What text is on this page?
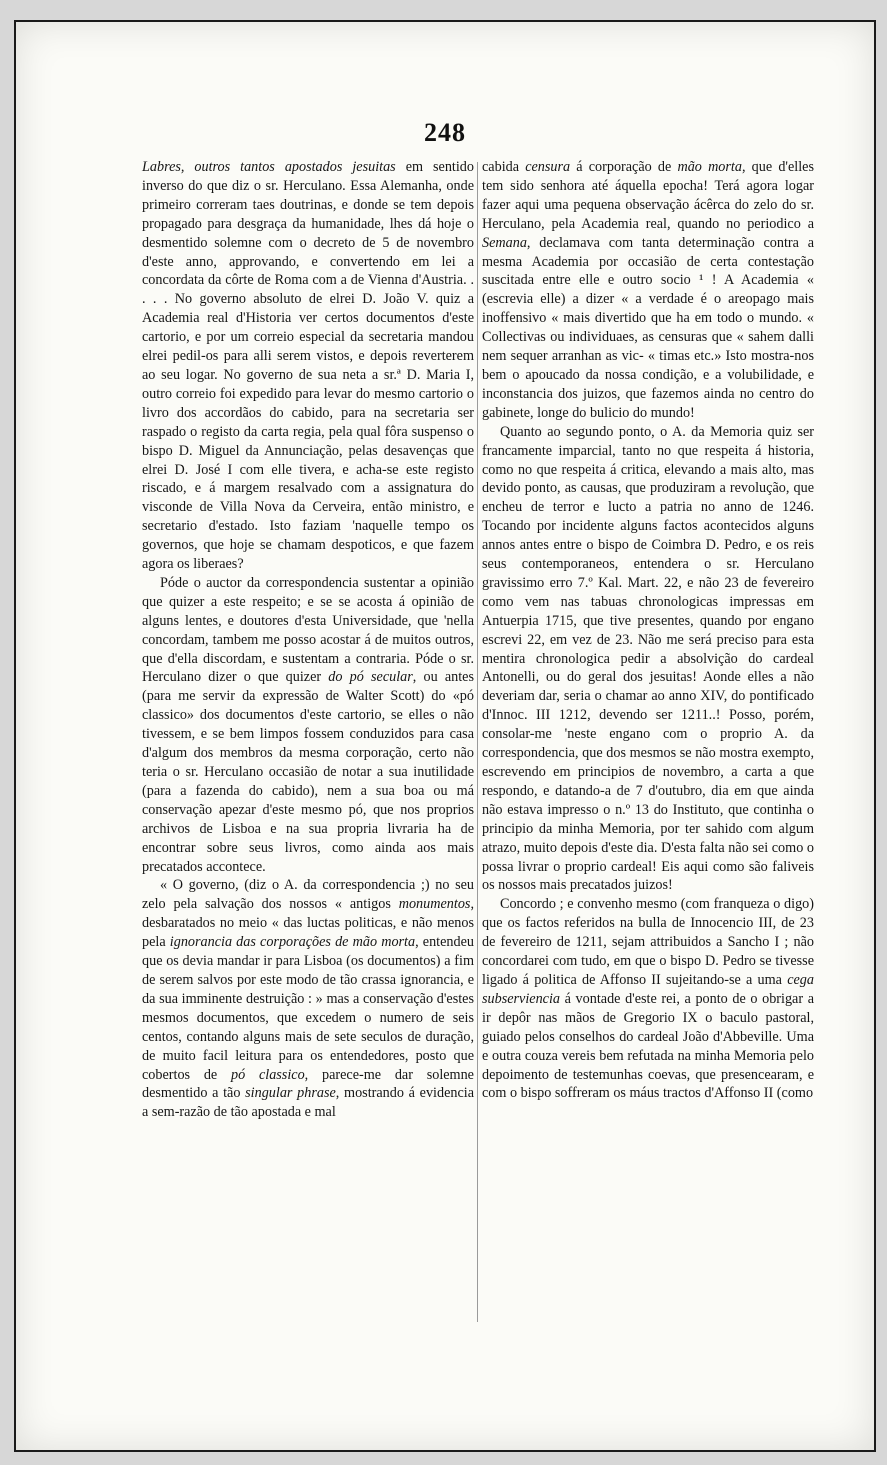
248

Labres, outros tantos apostados jesuitas em sentido inverso do que diz o sr. Herculano. Essa Alemanha, onde primeiro correram taes doutrinas, e donde se tem depois propagado para desgraça da humanidade, lhes dá hoje o desmentido solemne com o decreto de 5 de novembro d'este anno, approvando, e convertendo em lei a concordata da côrte de Roma com a de Vienna d'Austria. . . . . No governo absoluto de elrei D. João V. quiz a Academia real d'Historia ver certos documentos d'este cartorio, e por um correio especial da secretaria mandou elrei pedil-os para alli serem vistos, e depois reverterem ao seu logar. No governo de sua neta a sr.ª D. Maria I, outro correio foi expedido para levar do mesmo cartorio o livro dos accordãos do cabido, para na secretaria ser raspado o registo da carta regia, pela qual fôra suspenso o bispo D. Miguel da Annunciação, pelas desavenças que elrei D. José I com elle tivera, e acha-se este registo riscado, e á margem resalvado com a assignatura do visconde de Villa Nova da Cerveira, então ministro, e secretario d'estado. Isto faziam 'naquelle tempo os governos, que hoje se chamam despoticos, e que fazem agora os liberaes?

Póde o auctor da correspondencia sustentar a opinião que quizer a este respeito; e se se acosta á opinião de alguns lentes, e doutores d'esta Universidade, que 'nella concordam, tambem me posso acostar á de muitos outros, que d'ella discordam, e sustentam a contraria. Póde o sr. Herculano dizer o que quizer do pó secular, ou antes (para me servir da expressão de Walter Scott) do «pó classico» dos documentos d'este cartorio, se elles o não tivessem, e se bem limpos fossem conduzidos para casa d'algum dos membros da mesma corporação, certo não teria o sr. Herculano occasião de notar a sua inutilidade (para a fazenda do cabido), nem a sua boa ou má conservação apezar d'este mesmo pó, que nos proprios archivos de Lisboa e na sua propria livraria ha de encontrar sobre seus livros, como ainda aos mais precatados accontece.

« O governo, (diz o A. da correspondencia ;) no seu zelo pela salvação dos nossos « antigos monumentos, desbaratados no meio « das luctas politicas, e não menos pela ignorancia das corporações de mão morta, entendeu que os devia mandar ir para Lisboa (os documentos) a fim de serem salvos por este modo de tão crassa ignorancia, e da sua imminente destruição : » mas a conservação d'estes mesmos documentos, que excedem o numero de seis centos, contando alguns mais de sete seculos de duração, de muito facil leitura para os entendedores, posto que cobertos de pó classico, parece-me dar solemne desmentido a tão singular phrase, mostrando á evidencia a sem-razão de tão apostada e mal

cabida censura á corporação de mão morta, que d'elles tem sido senhora até áquella epocha! Terá agora logar fazer aqui uma pequena observação ácêrca do zelo do sr. Herculano, pela Academia real, quando no periodico a Semana, declamava com tanta determinação contra a mesma Academia por occasião de certa contestação suscitada entre elle e outro socio ¹ ! A Academia « (escrevia elle) a dizer « a verdade é o areopago mais inoffensivo « mais divertido que ha em todo o mundo. « Collectivas ou individuaes, as censuras que « sahem dalli nem sequer arranhan as vic- « timas etc.» Isto mostra-nos bem o apoucado da nossa condição, e a volubilidade, e inconstancia dos juizos, que fazemos ainda no centro do gabinete, longe do bulicio do mundo!

Quanto ao segundo ponto, o A. da Memoria quiz ser francamente imparcial, tanto no que respeita á historia, como no que respeita á critica, elevando a mais alto, mas devido ponto, as causas, que produziram a revolução, que encheu de terror e lucto a patria no anno de 1246. Tocando por incidente alguns factos acontecidos alguns annos antes entre o bispo de Coimbra D. Pedro, e os reis seus contemporaneos, entendera o sr. Herculano gravissimo erro 7.º Kal. Mart. 22, e não 23 de fevereiro como vem nas tabuas chronologicas impressas em Antuerpia 1715, que tive presentes, quando por engano escrevi 22, em vez de 23. Não me será preciso para esta mentira chronologica pedir a absolvição do cardeal Antonelli, ou do geral dos jesuitas! Aonde elles a não deveriam dar, seria o chamar ao anno XIV, do pontificado d'Innoc. III 1212, devendo ser 1211..! Posso, porém, consolar-me 'neste engano com o proprio A. da correspondencia, que dos mesmos se não mostra exempto, escrevendo em principios de novembro, a carta a que respondo, e datando-a de 7 d'outubro, dia em que ainda não estava impresso o n.º 13 do Instituto, que continha o principio da minha Memoria, por ter sahido com algum atrazo, muito depois d'este dia. D'esta falta não sei como o possa livrar o proprio cardeal! Eis aqui como são faliveis os nossos mais precatados juizos!

Concordo ; e convenho mesmo (com franqueza o digo) que os factos referidos na bulla de Innocencio III, de 23 de fevereiro de 1211, sejam attribuidos a Sancho I ; não concordarei com tudo, em que o bispo D. Pedro se tivesse ligado á politica de Affonso II sujeitando-se a uma cega subserviencia á vontade d'este rei, a ponto de o obrigar a ir depôr nas mãos de Gregorio IX o baculo pastoral, guiado pelos conselhos do cardeal João d'Abbeville. Uma e outra couza vereis bem refutada na minha Memoria pelo depoimento de testemunhas coevas, que presencearam, e com o bispo soffreram os máus tractos d'Affonso II (como
